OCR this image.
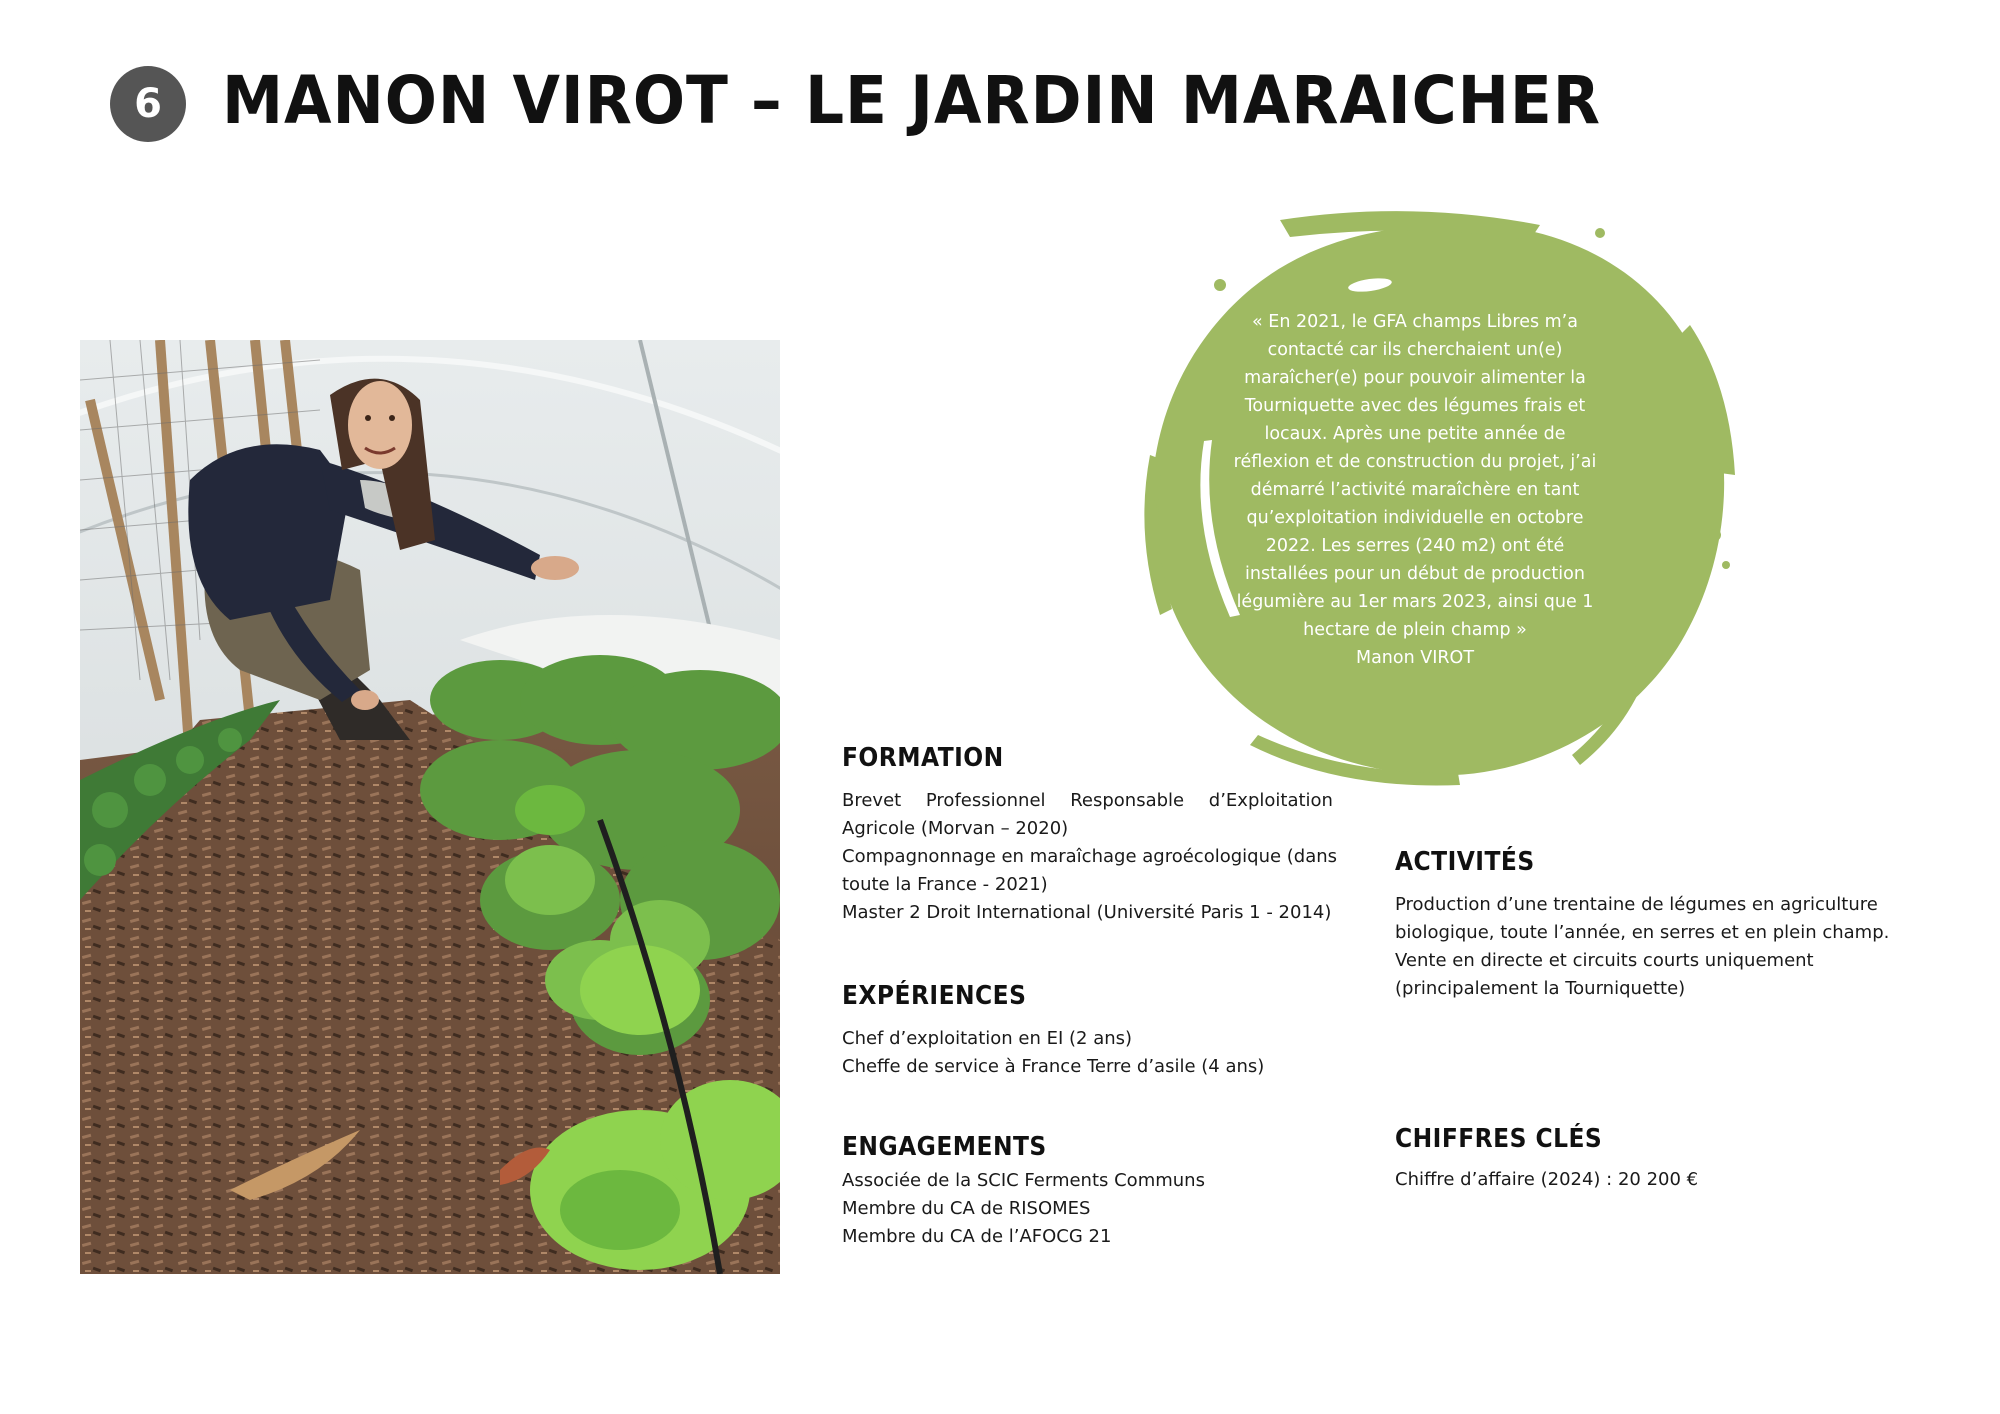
6 MANON VIROT – LE JARDIN MARAICHER

« En 2021, le GFA champs Libres m’a

contacté car ils cherchaient un(e)

maraîcher(e) pour pouvoir alimenter la

Tourniquette avec des légumes frais et

locaux. Après une petite année de

réflexion et de construction du projet, j’ai

démarré l’activité maraîchère en tant

qu’exploitation individuelle en octobre

2022. Les serres (240 m2) ont été

installées pour un début de production

légumière au 1er mars 2023, ainsi que 1

hectare de plein champ »

Manon VIROT

FORMATION
Brevet Professionnel Responsable d’Exploitation
Agricole (Morvan – 2020)
Compagnonnage en maraîchage agroécologique (dans
toute la France - 2021)
Master 2 Droit International (Université Paris 1 - 2014)
EXPÉRIENCES
Chef d’exploitation en EI (2 ans)
Cheffe de service à France Terre d’asile (4 ans)
ENGAGEMENTS
Associée de la SCIC Ferments Communs
Membre du CA de RISOMES
Membre du CA de l’AFOCG 21
ACTIVITÉS
Production d’une trentaine de légumes en agriculture
biologique, toute l’année, en serres et en plein champ.
Vente en directe et circuits courts uniquement
(principalement la Tourniquette)
CHIFFRES CLÉS
Chiffre d’affaire (2024) : 20 200 €
